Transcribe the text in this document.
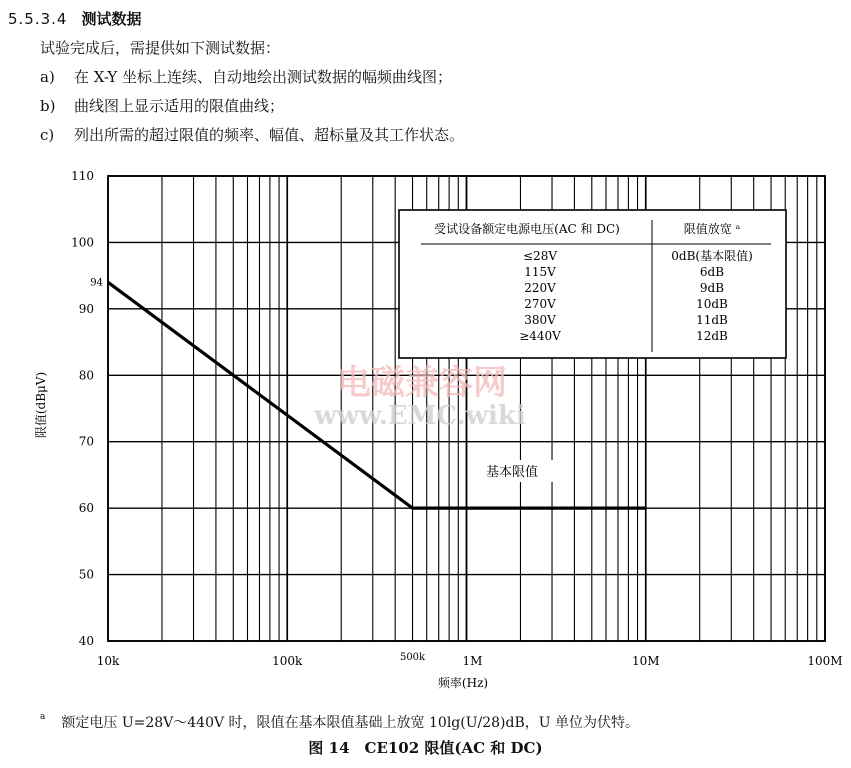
5.5.3.4 测试数据
试验完成后，需提供如下测试数据：
a) 在 X-Y 坐标上连续、自动地绘出测试数据的幅频曲线图；
b) 曲线图上显示适用的限值曲线；
c) 列出所需的超过限值的频率、幅值、超标量及其工作状态。
电磁兼容网
www.EMC.wiki
40
50
60
70
80
90
100
110
94
10k	100k	500k	1M	10M	100M
受试设备额定电源电压(AC 和 DC)	限值放宽 ᵃ
≤28V	0dB(基本限值)
115V	6dB
220V	9dB
270V	10dB
380V	11dB
≥440V	12dB
基本限值
频率(Hz)
限值(dBμV)
$^a$ 额定电压 U=28V～440V 时，限值在基本限值基础上放宽 10lg(U/28)dB，U 单位为伏特。
图 14　CE102 限值(AC 和 DC)
